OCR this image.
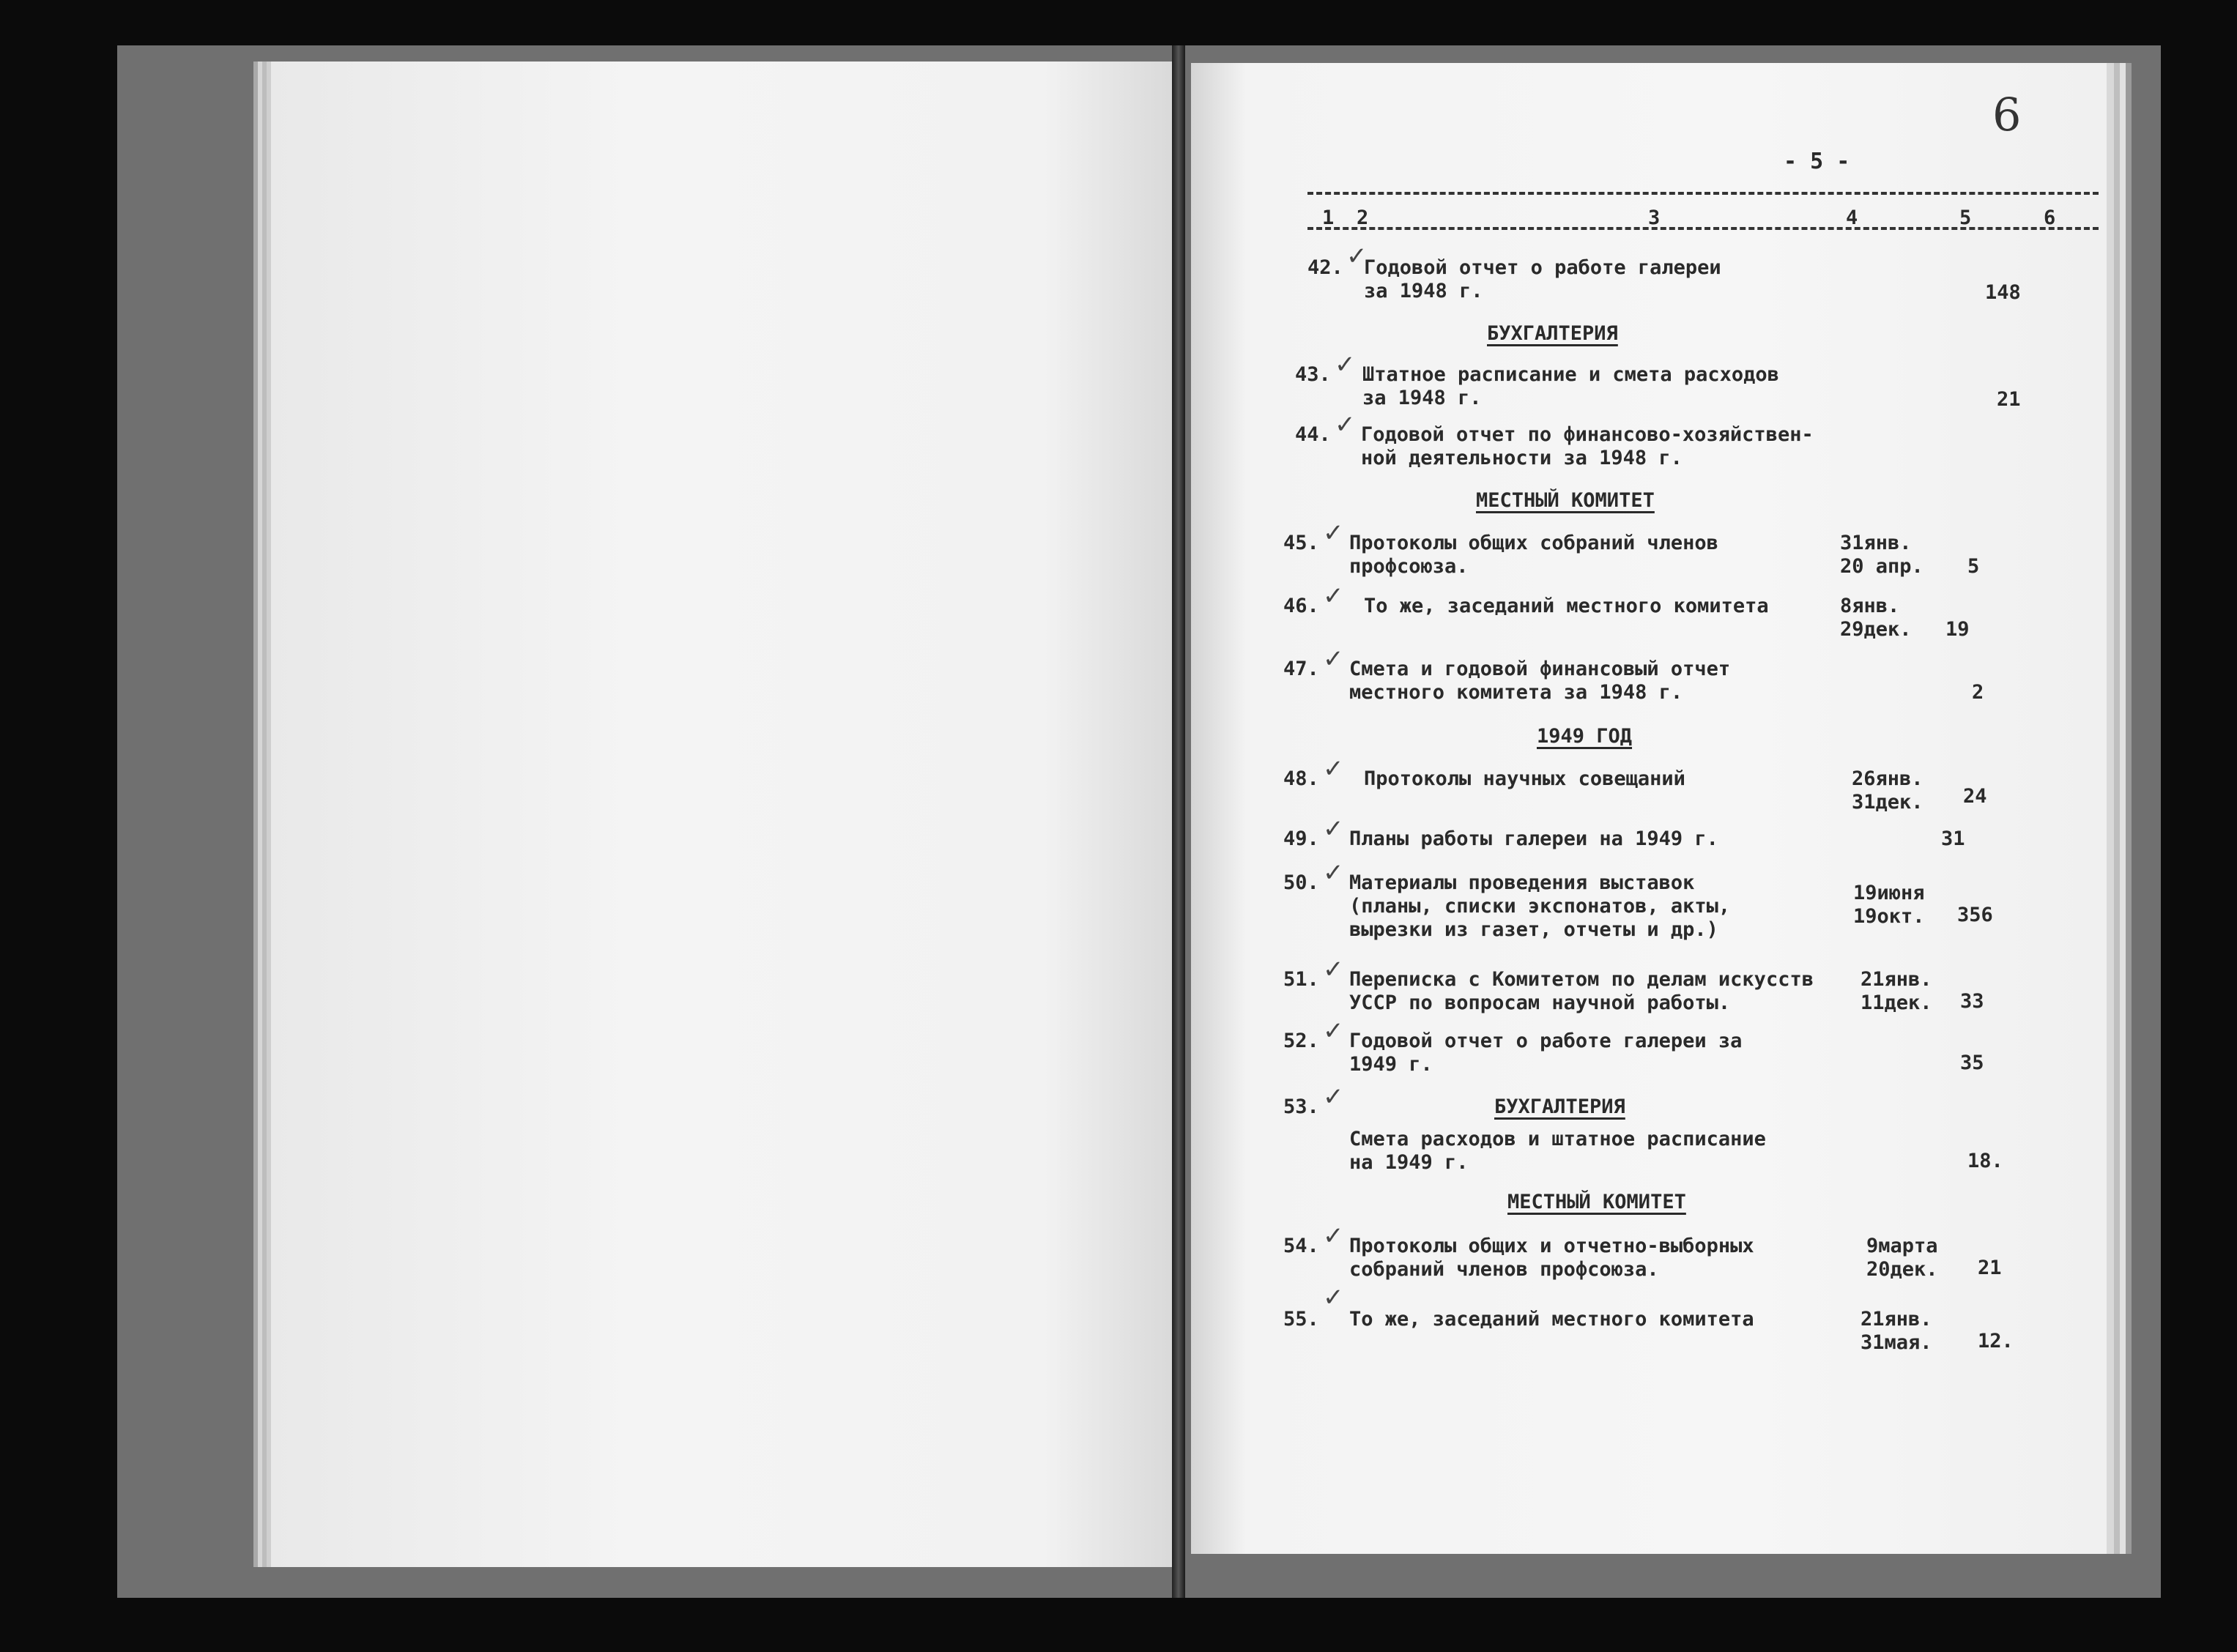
6
- 5 -
1 2	3	4	5	6
42. ✓
Годовой отчет о работе галереи
за 1948 г.	148
БУХГАЛТЕРИЯ
43. ✓ Штатное расписание и смета расходов
за 1948 г.	21
44. ✓ Годовой отчет по финансово-хозяйствен-
ной деятельности за 1948 г.
МЕСТНЫЙ КОМИТЕТ
45. ✓ Протоколы общих собраний членов
профсоюза.
31янв.
20 апр. 5
46. ✓ То же, заседаний местного комитета	8янв.
29дек. 19
47. ✓ Смета и годовой финансовый отчет
местного комитета за 1948 г.	2
1949 ГОД
48. ✓ Протоколы научных совещаний	26янв.
31дек. 24
49. ✓ Планы работы галереи на 1949 г.	31
50. ✓ Материалы проведения выставок
(планы, списки экспонатов, акты,
вырезки из газет, отчеты и др.)
19июня
19окт. 356
51. ✓ Переписка с Комитетом по делам искусств
УССР по вопросам научной работы.
21янв.
11дек. 33
52. ✓ Годовой отчет о работе галереи за
1949 г.	35
53. ✓	БУХГАЛТЕРИЯ
Смета расходов и штатное расписание
на 1949 г.	18.
МЕСТНЫЙ КОМИТЕТ
54. ✓ Протоколы общих и отчетно-выборных
собраний членов профсоюза.
9марта
20дек. 21
55.
✓
То же, заседаний местного комитета	21янв.
31мая. 12.
